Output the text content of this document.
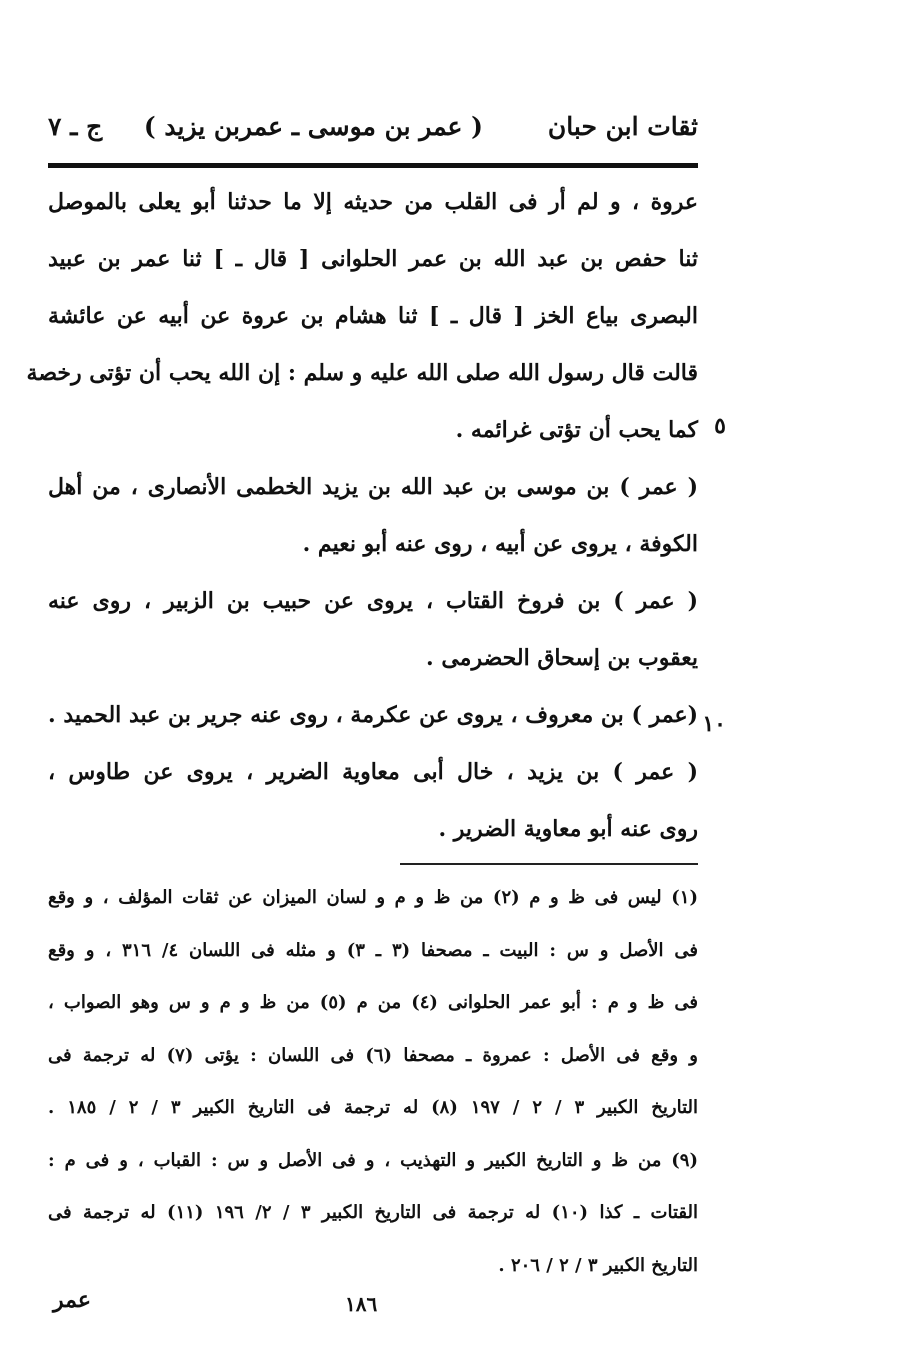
ثقات ابن حبان
( عمر بن موسى ـ عمربن يزيد )
ج ـ ٧
عروة ، و لم أر فى القلب من حديثه إلا ما حدثنا أبو يعلى بالموصل
ثنا حفص بن عبد الله بن عمر الحلوانى [ قال ـ ] ثنا عمر بن عبيد
البصرى بياع الخز [ قال ـ ] ثنا هشام بن عروة عن أبيه عن عائشة
قالت قال رسول الله صلى الله عليه و سلم : إن الله يحب أن تؤتى رخصة
كما يحب أن تؤتى غرائمه .
( عمر ) بن موسى بن عبد الله بن يزيد الخطمى الأنصارى ، من أهل
الكوفة ، يروى عن أبيه ، روى عنه أبو نعيم .
( عمر ) بن فروخ القتاب ، يروى عن حبيب بن الزبير ، روى عنه
يعقوب بن إسحاق الحضرمى .
(عمر ) بن معروف ، يروى عن عكرمة ، روى عنه جرير بن عبد الحميد .
( عمر ) بن يزيد ، خال أبى معاوية الضرير ، يروى عن طاوس ،
روى عنه أبو معاوية الضرير .
٥
١٠
(١) ليس فى ظ و م (٢) من ظ و م و لسان الميزان عن ثقات المؤلف ، و وقع
فى الأصل و س : البيت ـ مصحفا (٣ ـ ٣) و مثله فى اللسان ٤/ ٣١٦ ، و وقع
فى ظ و م : أبو عمر الحلوانى (٤) من م (٥) من ظ و م و س وهو الصواب ،
و وقع فى الأصل : عمروة ـ مصحفا (٦) فى اللسان : يؤتى (٧) له ترجمة فى
التاريخ الكبير ٣ / ٢ / ١٩٧ (٨) له ترجمة فى التاريخ الكبير ٣ / ٢ / ١٨٥ .
(٩) من ظ و التاريخ الكبير و التهذيب ، و فى الأصل و س : القباب ، و فى م :
القتات ـ كذا (١٠) له ترجمة فى التاريخ الكبير ٣ / ٢/ ١٩٦ (١١) له ترجمة فى
التاريخ الكبير ٣ / ٢ / ٢٠٦ .
عمر	١٨٦
